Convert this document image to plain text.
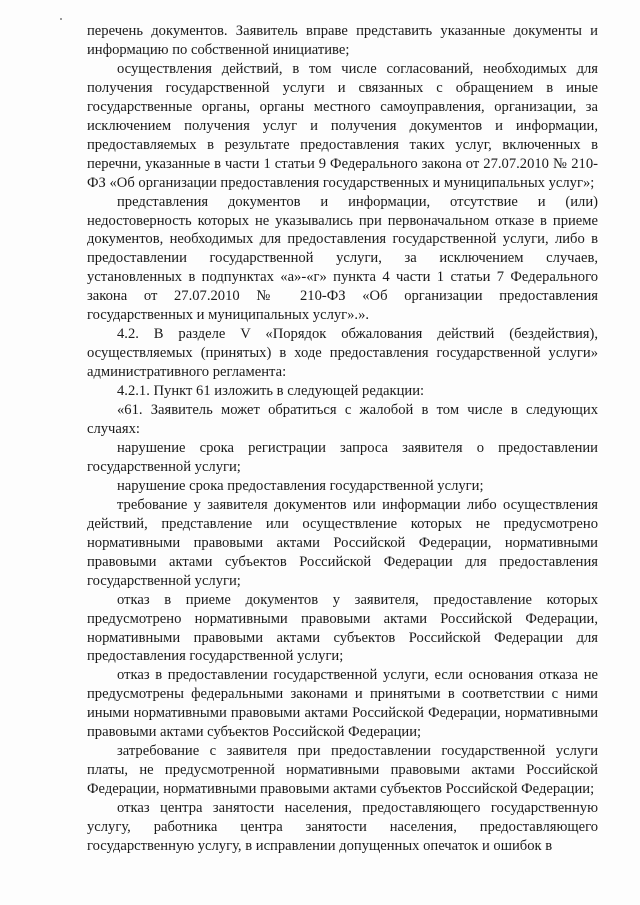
перечень документов. Заявитель вправе представить указанные документы и информацию по собственной инициативе;

осуществления действий, в том числе согласований, необходимых для получения государственной услуги и связанных с обращением в иные государственные органы, органы местного самоуправления, организации, за исключением получения услуг и получения документов и информации, предоставляемых в результате предоставления таких услуг, включенных в перечни, указанные в части 1 статьи 9 Федерального закона от 27.07.2010 № 210-ФЗ «Об организации предоставления государственных и муниципальных услуг»;

представления документов и информации, отсутствие и (или) недостоверность которых не указывались при первоначальном отказе в приеме документов, необходимых для предоставления государственной услуги, либо в предоставлении государственной услуги, за исключением случаев, установленных в подпунктах «а»-«г» пункта 4 части 1 статьи 7 Федерального закона от 27.07.2010 № 210-ФЗ «Об организации предоставления государственных и муниципальных услуг».».

4.2. В разделе V «Порядок обжалования действий (бездействия), осуществляемых (принятых) в ходе предоставления государственной услуги» административного регламента:

4.2.1. Пункт 61 изложить в следующей редакции:

«61. Заявитель может обратиться с жалобой в том числе в следующих случаях:

нарушение срока регистрации запроса заявителя о предоставлении государственной услуги;

нарушение срока предоставления государственной услуги;

требование у заявителя документов или информации либо осуществления действий, представление или осуществление которых не предусмотрено нормативными правовыми актами Российской Федерации, нормативными правовыми актами субъектов Российской Федерации для предоставления государственной услуги;

отказ в приеме документов у заявителя, предоставление которых предусмотрено нормативными правовыми актами Российской Федерации, нормативными правовыми актами субъектов Российской Федерации для предоставления государственной услуги;

отказ в предоставлении государственной услуги, если основания отказа не предусмотрены федеральными законами и принятыми в соответствии с ними иными нормативными правовыми актами Российской Федерации, нормативными правовыми актами субъектов Российской Федерации;

затребование с заявителя при предоставлении государственной услуги платы, не предусмотренной нормативными правовыми актами Российской Федерации, нормативными правовыми актами субъектов Российской Федерации;

отказ центра занятости населения, предоставляющего государственную услугу, работника центра занятости населения, предоставляющего государственную услугу, в исправлении допущенных опечаток и ошибок в
